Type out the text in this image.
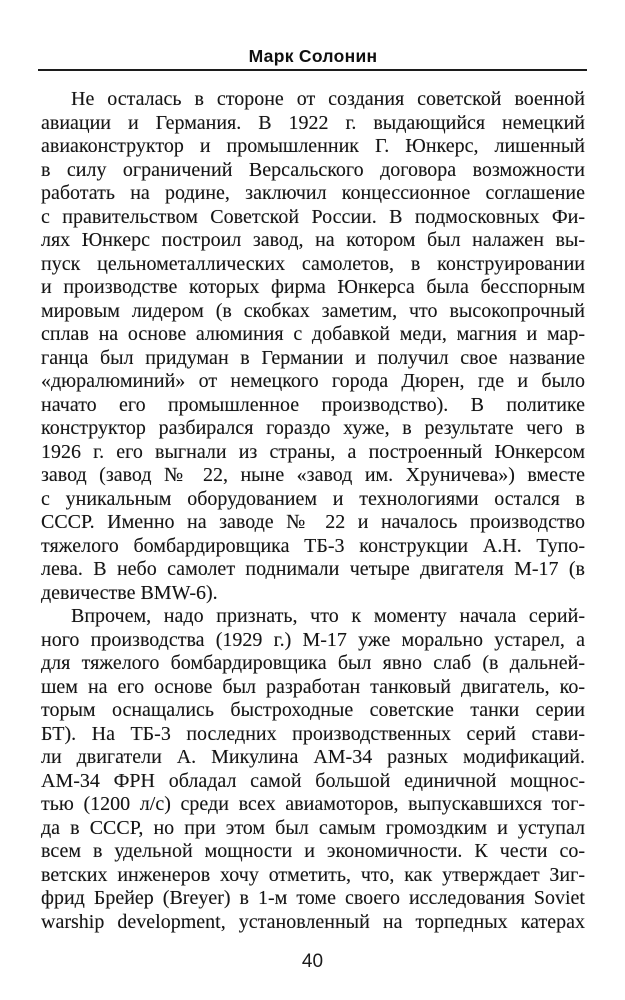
Марк Солонин
Не осталась в стороне от создания советской военной
авиации и Германия. В 1922 г. выдающийся немецкий
авиаконструктор и промышленник Г. Юнкерс, лишенный
в силу ограничений Версальского договора возможности
работать на родине, заключил концессионное соглашение
с правительством Советской России. В подмосковных Фи-
лях Юнкерс построил завод, на котором был налажен вы-
пуск цельнометаллических самолетов, в конструировании
и производстве которых фирма Юнкерса была бесспорным
мировым лидером (в скобках заметим, что высокопрочный
сплав на основе алюминия с добавкой меди, магния и мар-
ганца был придуман в Германии и получил свое название
«дюралюминий» от немецкого города Дюрен, где и было
начато его промышленное производство). В политике
конструктор разбирался гораздо хуже, в результате чего в
1926 г. его выгнали из страны, а построенный Юнкерсом
завод (завод № 22, ныне «завод им. Хруничева») вместе
с уникальным оборудованием и технологиями остался в
СССР. Именно на заводе № 22 и началось производство
тяжелого бомбардировщика ТБ-3 конструкции А.Н. Тупо-
лева. В небо самолет поднимали четыре двигателя М-17 (в
девичестве BMW-6).
Впрочем, надо признать, что к моменту начала серий-
ного производства (1929 г.) М-17 уже морально устарел, а
для тяжелого бомбардировщика был явно слаб (в дальней-
шем на его основе был разработан танковый двигатель, ко-
торым оснащались быстроходные советские танки серии
БТ). На ТБ-3 последних производственных серий стави-
ли двигатели А. Микулина АМ-34 разных модификаций.
АМ-34 ФРН обладал самой большой единичной мощнос-
тью (1200 л/с) среди всех авиамоторов, выпускавшихся тог-
да в СССР, но при этом был самым громоздким и уступал
всем в удельной мощности и экономичности. К чести со-
ветских инженеров хочу отметить, что, как утверждает Зиг-
фрид Брейер (Breyer) в 1-м томе своего исследования Soviet
warship development, установленный на торпедных катерах
40
